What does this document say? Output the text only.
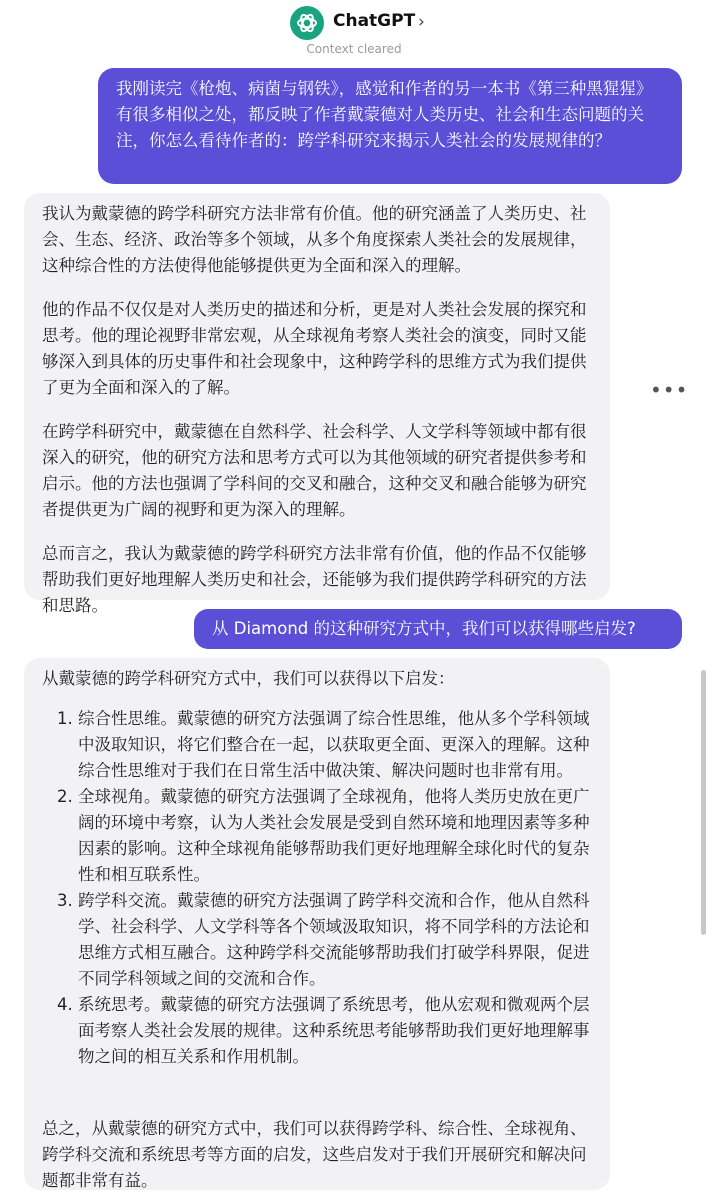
ChatGPT ›
Context cleared
我刚读完《枪炮、病菌与钢铁》，感觉和作者的另一本书《第三种黑猩猩》有很多相似之处，都反映了作者戴蒙德对人类历史、社会和生态问题的关注，你怎么看待作者的：跨学科研究来揭示人类社会的发展规律的？

我认为戴蒙德的跨学科研究方法非常有价值。他的研究涵盖了人类历史、社会、生态、经济、政治等多个领域，从多个角度探索人类社会的发展规律，这种综合性的方法使得他能够提供更为全面和深入的理解。

他的作品不仅仅是对人类历史的描述和分析，更是对人类社会发展的探究和思考。他的理论视野非常宏观，从全球视角考察人类社会的演变，同时又能够深入到具体的历史事件和社会现象中，这种跨学科的思维方式为我们提供了更为全面和深入的了解。

在跨学科研究中，戴蒙德在自然科学、社会科学、人文学科等领域中都有很深入的研究，他的研究方法和思考方式可以为其他领域的研究者提供参考和启示。他的方法也强调了学科间的交叉和融合，这种交叉和融合能够为研究者提供更为广阔的视野和更为深入的理解。

总而言之，我认为戴蒙德的跨学科研究方法非常有价值，他的作品不仅能够帮助我们更好地理解人类历史和社会，还能够为我们提供跨学科研究的方法和思路。

•••
从 Diamond 的这种研究方式中，我们可以获得哪些启发?

从戴蒙德的跨学科研究方式中，我们可以获得以下启发：

1. 综合性思维。戴蒙德的研究方法强调了综合性思维，他从多个学科领域中汲取知识，将它们整合在一起，以获取更全面、更深入的理解。这种综合性思维对于我们在日常生活中做决策、解决问题时也非常有用。
2. 全球视角。戴蒙德的研究方法强调了全球视角，他将人类历史放在更广阔的环境中考察，认为人类社会发展是受到自然环境和地理因素等多种因素的影响。这种全球视角能够帮助我们更好地理解全球化时代的复杂性和相互联系性。
3. 跨学科交流。戴蒙德的研究方法强调了跨学科交流和合作，他从自然科学、社会科学、人文学科等各个领域汲取知识，将不同学科的方法论和思维方式相互融合。这种跨学科交流能够帮助我们打破学科界限，促进不同学科领域之间的交流和合作。
4. 系统思考。戴蒙德的研究方法强调了系统思考，他从宏观和微观两个层面考察人类社会发展的规律。这种系统思考能够帮助我们更好地理解事物之间的相互关系和作用机制。

总之，从戴蒙德的研究方式中，我们可以获得跨学科、综合性、全球视角、跨学科交流和系统思考等方面的启发，这些启发对于我们开展研究和解决问题都非常有益。
